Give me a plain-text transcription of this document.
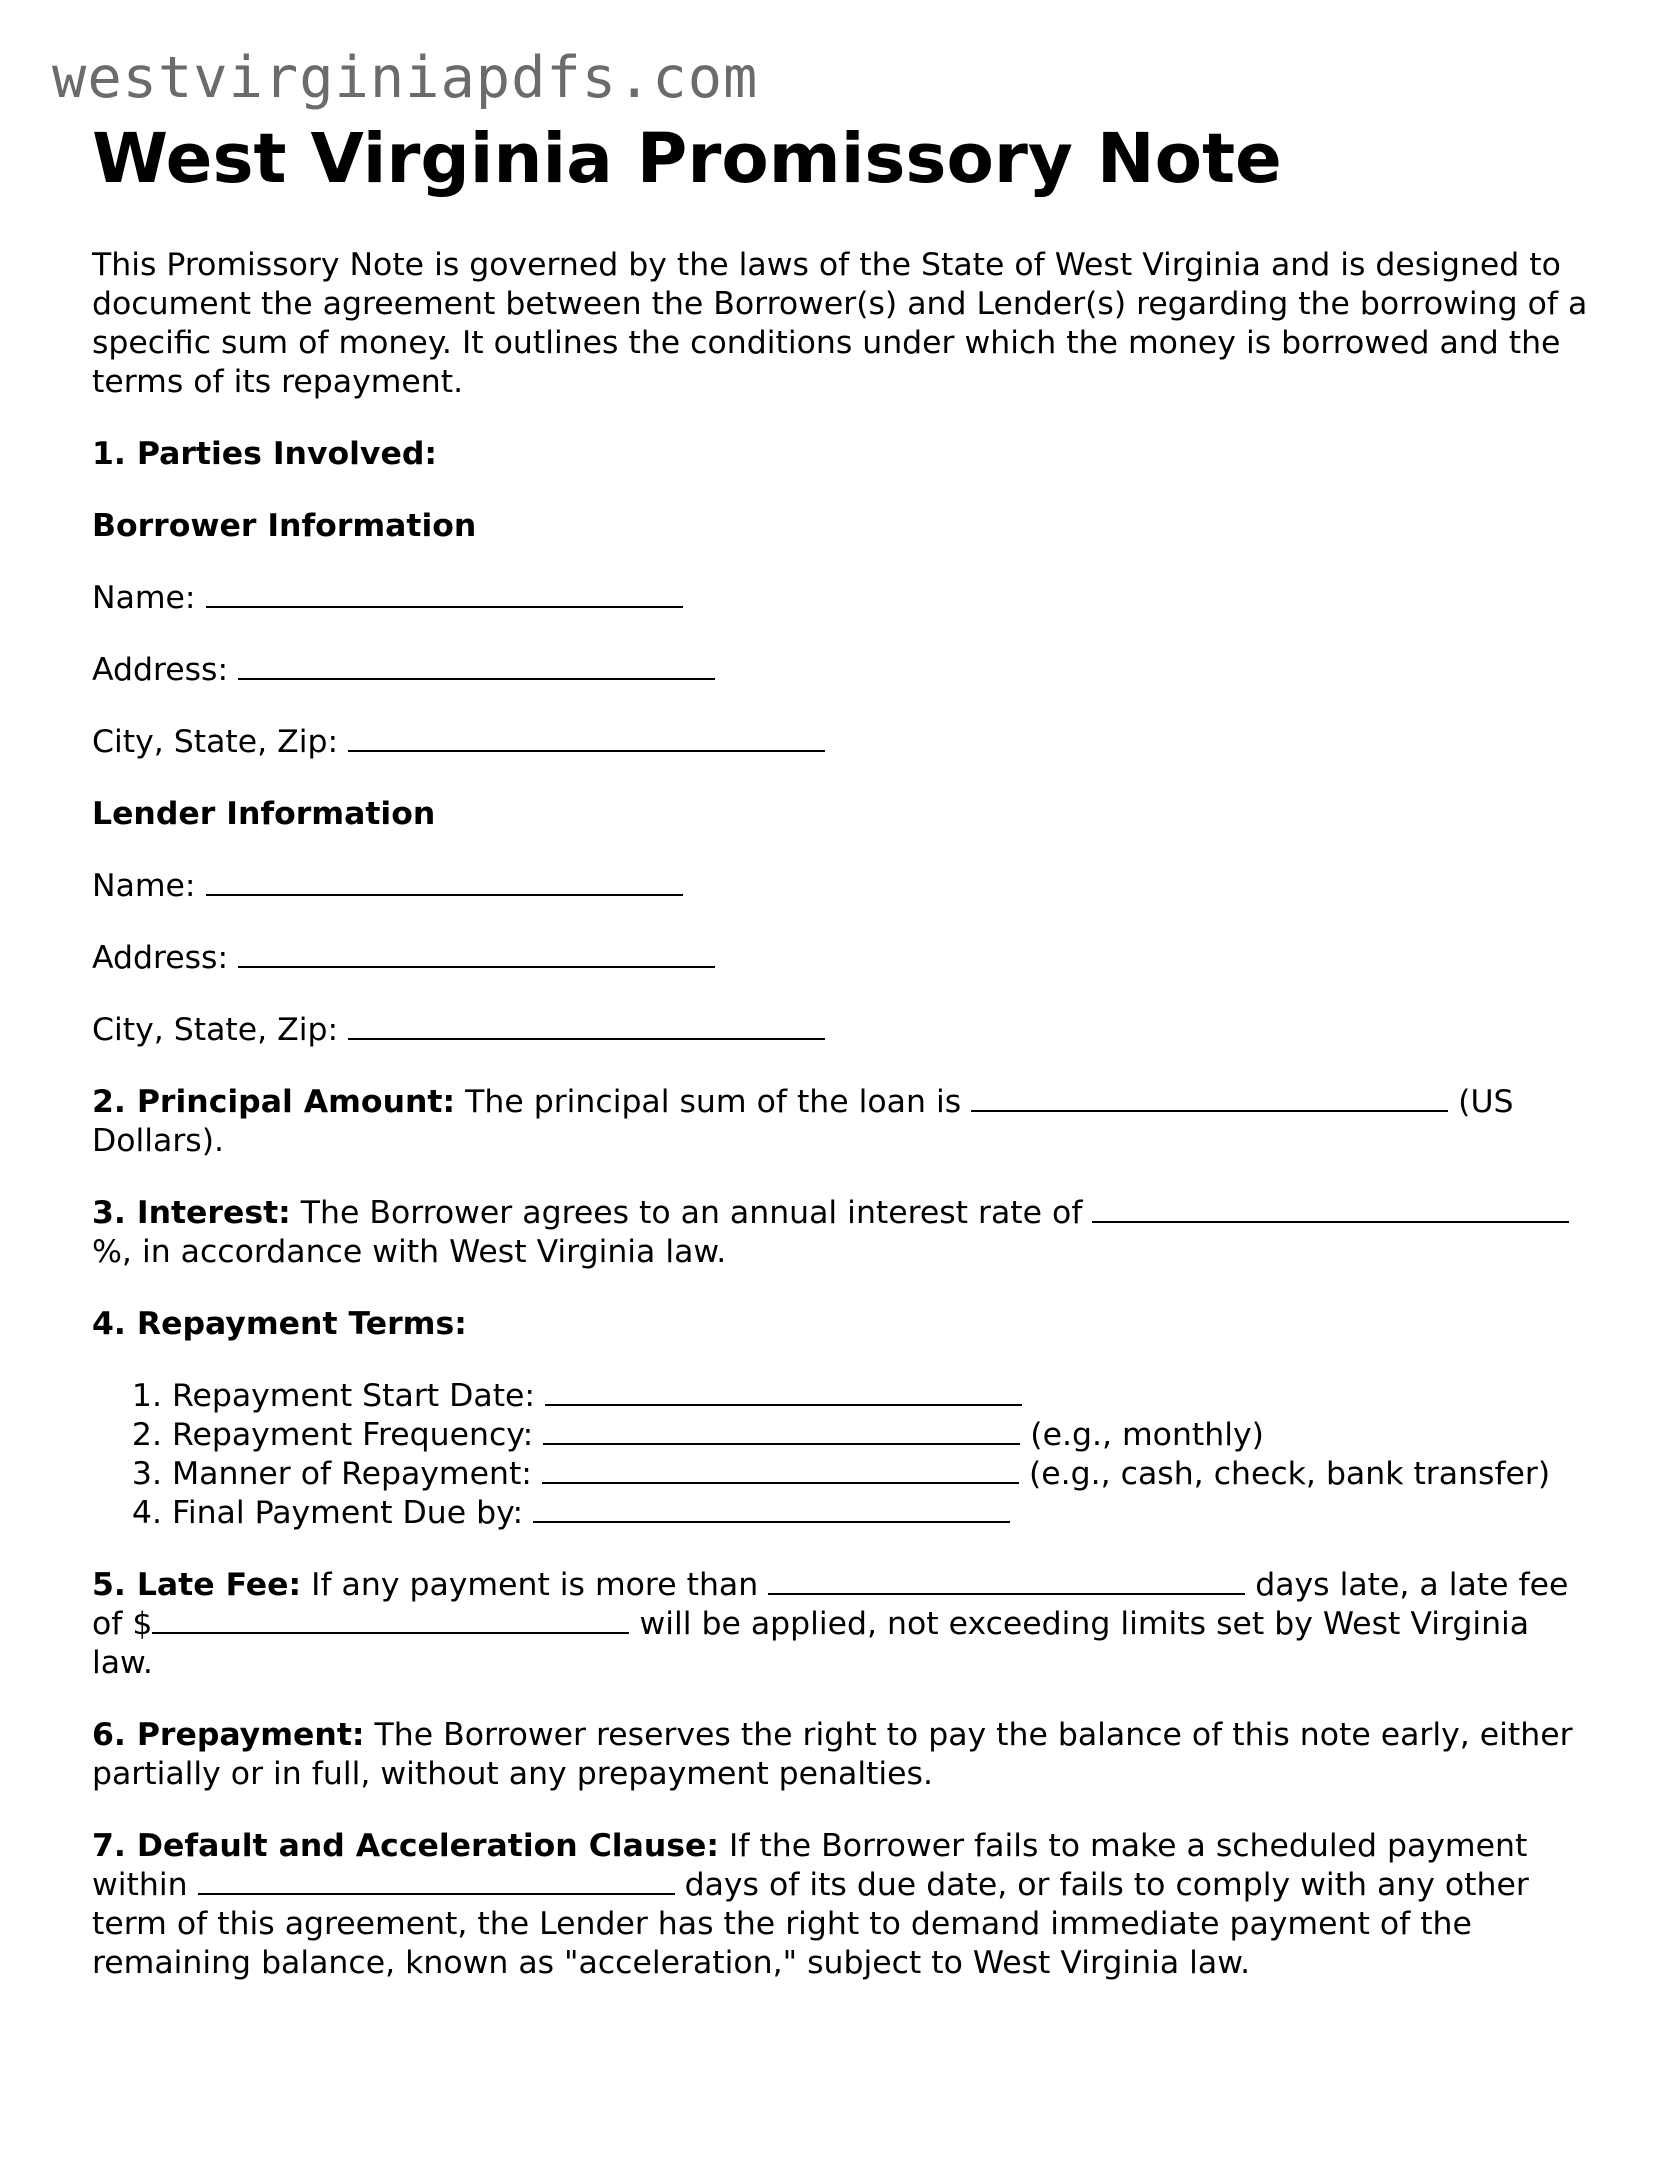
westvirginiapdfs.com
West Virginia Promissory Note

This Promissory Note is governed by the laws of the State of West Virginia and is designed to document the agreement between the Borrower(s) and Lender(s) regarding the borrowing of a specific sum of money. It outlines the conditions under which the money is borrowed and the terms of its repayment.

1. Parties Involved:

Borrower Information

Name:

Address:

City, State, Zip:

Lender Information

Name:

Address:

City, State, Zip:

2. Principal Amount: The principal sum of the loan is	(US Dollars).

3. Interest: The Borrower agrees to an annual interest rate of %, in accordance with West Virginia law.

4. Repayment Terms:

1. Repayment Start Date:
2. Repayment Frequency:	(e.g., monthly)
3. Manner of Repayment:	(e.g., cash, check, bank transfer)
4. Final Payment Due by:

5. Late Fee: If any payment is more than	days late, a late fee of $	will be applied, not exceeding limits set by West Virginia law.

6. Prepayment: The Borrower reserves the right to pay the balance of this note early, either partially or in full, without any prepayment penalties.

7. Default and Acceleration Clause: If the Borrower fails to make a scheduled payment within	days of its due date, or fails to comply with any other term of this agreement, the Lender has the right to demand immediate payment of the remaining balance, known as "acceleration," subject to West Virginia law.
